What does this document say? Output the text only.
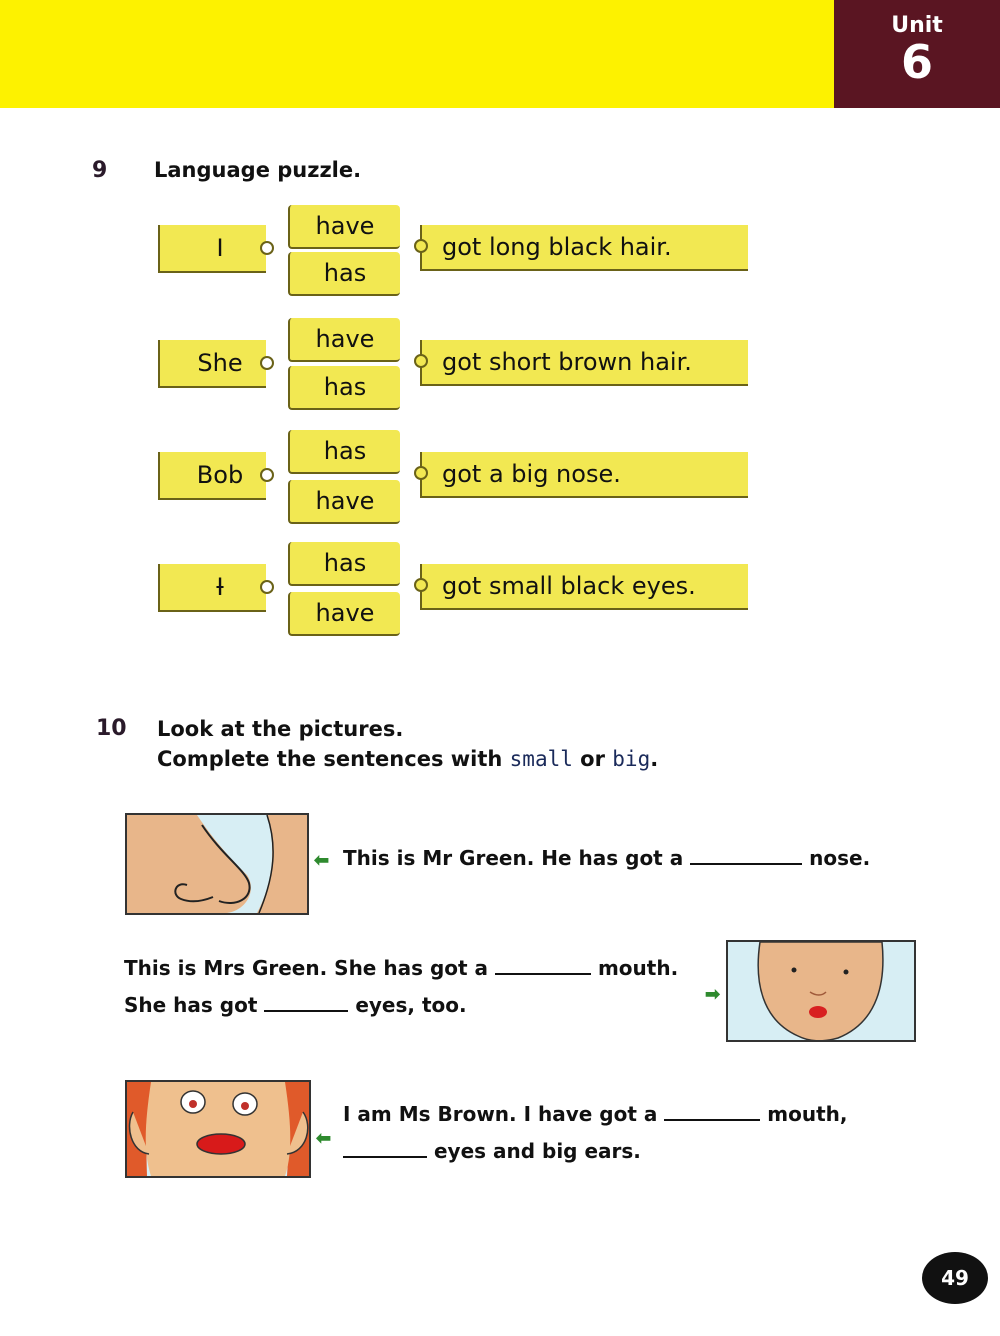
Unit
6
9 Language puzzle.
I
have
has
got long black hair.
She
have
has
got short brown hair.
Bob
has
have
got a big nose.
I
has
have
got small black eyes.
10 Look at the pictures.
Complete the sentences with small or big.
⬅ This is Mr Green. He has got a	nose.
This is Mrs Green. She has got a	mouth.
She has got	eyes, too.	➡
⬅
I am Ms Brown. I have got a	mouth,
eyes and big ears.
49
